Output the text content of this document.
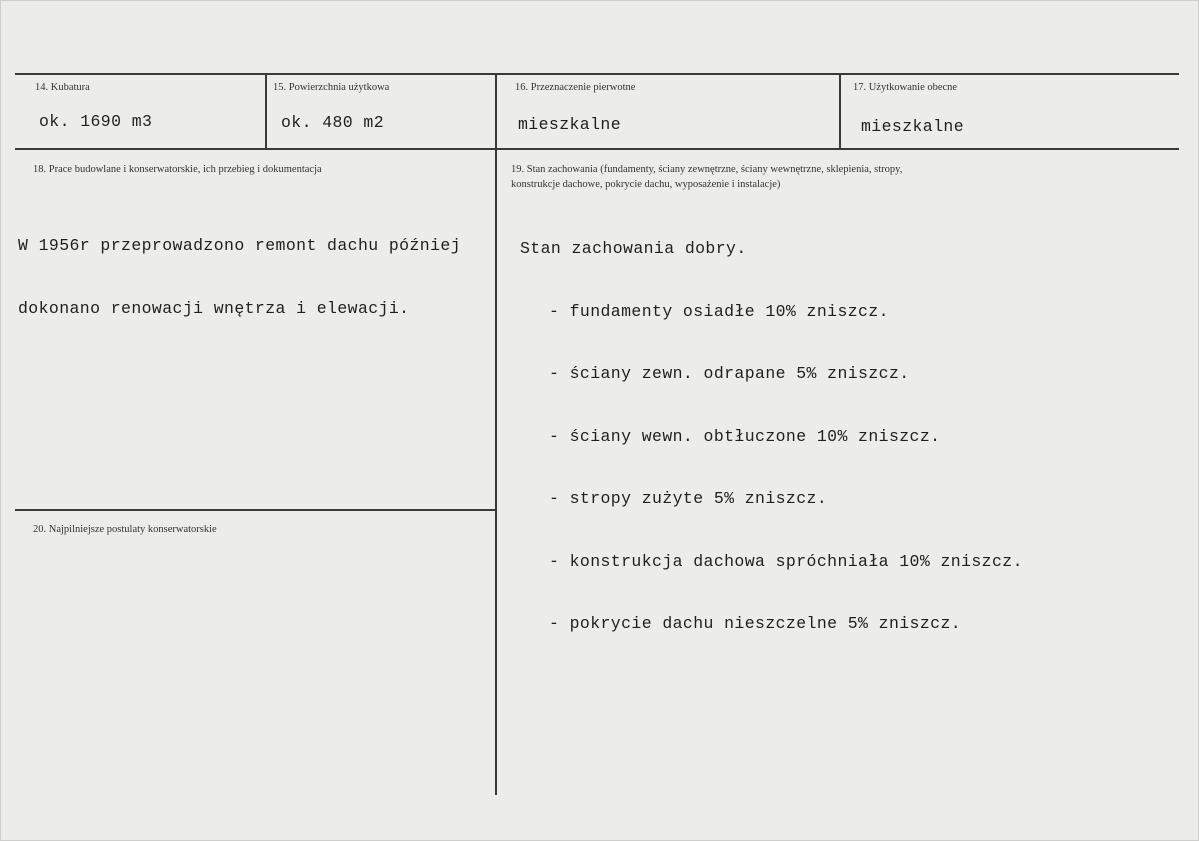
14. Kubatura
ok. 1690 m3
15. Powierzchnia użytkowa
ok. 480 m2
16. Przeznaczenie pierwotne
mieszkalne
17. Użytkowanie obecne
mieszkalne
18. Prace budowlane i konserwatorskie, ich przebieg i dokumentacja

W 1956r przeprowadzono remont dachu później

dokonano renowacji wnętrza i elewacji.

19. Stan zachowania (fundamenty, ściany zewnętrzne, ściany wewnętrzne, sklepienia, stropy,
konstrukcje dachowe, pokrycie dachu, wyposażenie i instalacje)

Stan zachowania dobry.

- fundamenty osiadłe 10% zniszcz.

- ściany zewn. odrapane 5% zniszcz.

- ściany wewn. obtłuczone 10% zniszcz.

- stropy zużyte 5% zniszcz.

- konstrukcja dachowa spróchniała 10% zniszcz.

- pokrycie dachu nieszczelne 5% zniszcz.

20. Najpilniejsze postulaty konserwatorskie
